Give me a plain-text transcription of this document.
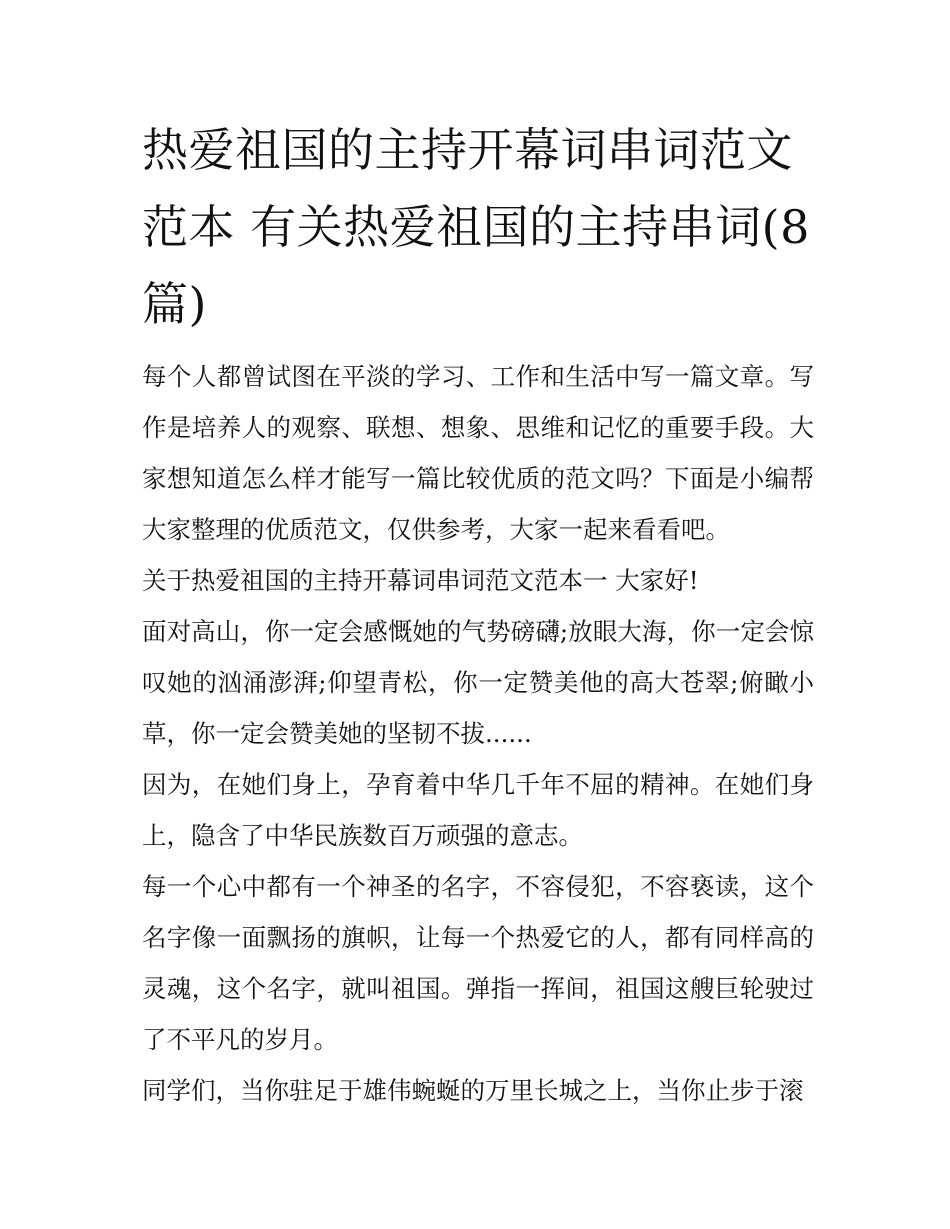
热爱祖国的主持开幕词串词范文范本 有关热爱祖国的主持串词(8篇)

每个人都曾试图在平淡的学习、工作和生活中写一篇文章。写作是培养人的观察、联想、想象、思维和记忆的重要手段。大家想知道怎么样才能写一篇比较优质的范文吗？下面是小编帮大家整理的优质范文，仅供参考，大家一起来看看吧。

关于热爱祖国的主持开幕词串词范文范本一 大家好!

面对高山，你一定会感慨她的气势磅礴;放眼大海，你一定会惊叹她的汹涌澎湃;仰望青松，你一定赞美他的高大苍翠;俯瞰小草，你一定会赞美她的坚韧不拔......

因为，在她们身上，孕育着中华几千年不屈的精神。在她们身上，隐含了中华民族数百万顽强的意志。

每一个心中都有一个神圣的名字，不容侵犯，不容亵读，这个名字像一面飘扬的旗帜，让每一个热爱它的人，都有同样高的灵魂，这个名字，就叫祖国。弹指一挥间，祖国这艘巨轮驶过了不平凡的岁月。

同学们，当你驻足于雄伟蜿蜒的万里长城之上，当你止步于滚
